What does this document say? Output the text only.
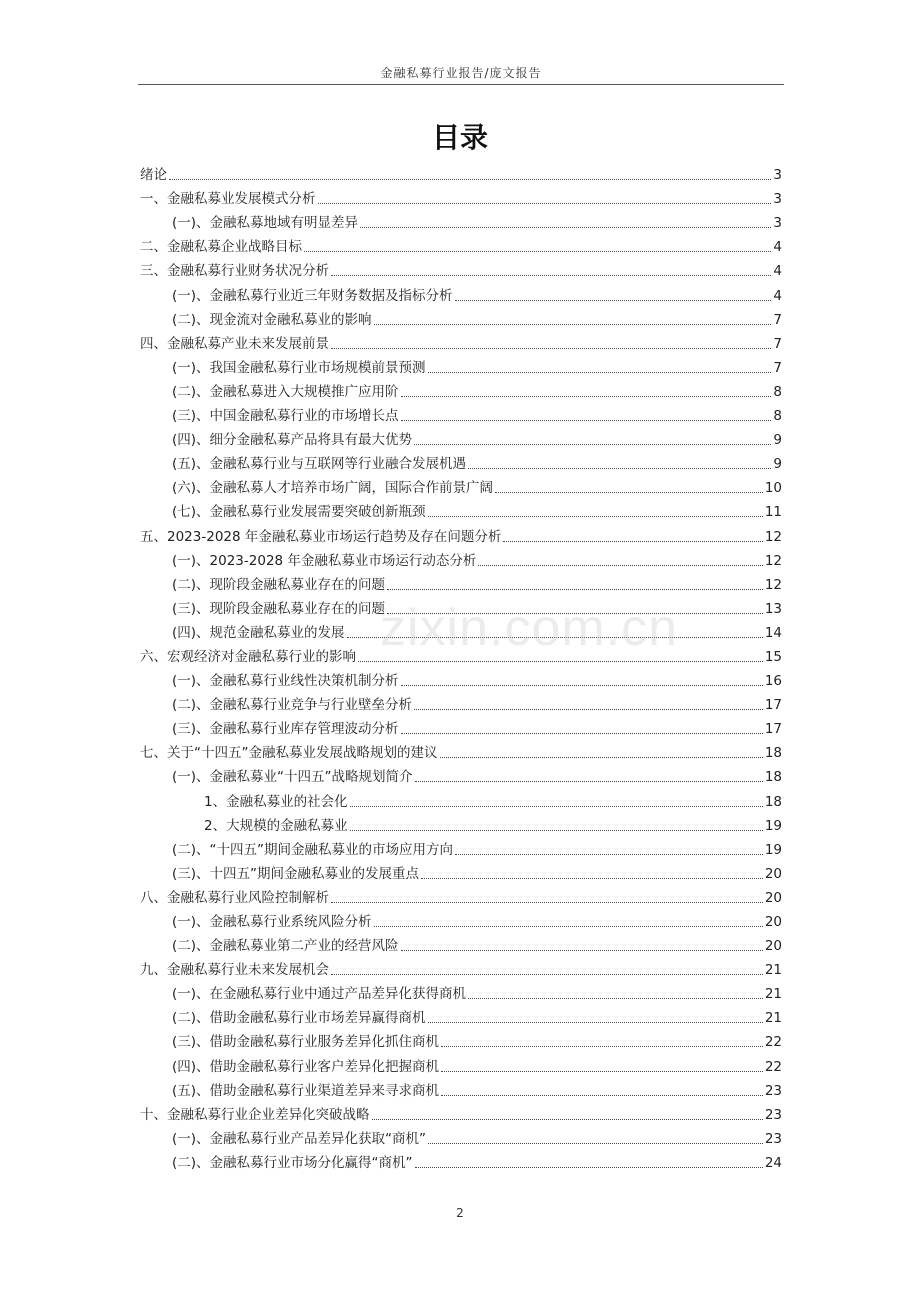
金融私募行业报告/庞文报告
目录
绪论	3
一、金融私募业发展模式分析	3
(一)、金融私募地域有明显差异	3
二、金融私募企业战略目标	4
三、金融私募行业财务状况分析	4
(一)、金融私募行业近三年财务数据及指标分析	4
(二)、现金流对金融私募业的影响	7
四、金融私募产业未来发展前景	7
(一)、我国金融私募行业市场规模前景预测	7
(二)、金融私募进入大规模推广应用阶	8
(三)、中国金融私募行业的市场增长点	8
(四)、细分金融私募产品将具有最大优势	9
(五)、金融私募行业与互联网等行业融合发展机遇	9
(六)、金融私募人才培养市场广阔，国际合作前景广阔	10
(七)、金融私募行业发展需要突破创新瓶颈	11
五、2023-2028 年金融私募业市场运行趋势及存在问题分析	12
(一)、2023-2028 年金融私募业市场运行动态分析	12
(二)、现阶段金融私募业存在的问题	12
(三)、现阶段金融私募业存在的问题	13
(四)、规范金融私募业的发展	14
六、宏观经济对金融私募行业的影响	15
(一)、金融私募行业线性决策机制分析	16
(二)、金融私募行业竞争与行业壁垒分析	17
(三)、金融私募行业库存管理波动分析	17
七、关于“十四五”金融私募业发展战略规划的建议	18
(一)、金融私募业“十四五”战略规划简介	18
1、金融私募业的社会化	18
2、大规模的金融私募业	19
(二)、“十四五”期间金融私募业的市场应用方向	19
(三)、十四五”期间金融私募业的发展重点	20
八、金融私募行业风险控制解析	20
(一)、金融私募行业系统风险分析	20
(二)、金融私募业第二产业的经营风险	20
九、金融私募行业未来发展机会	21
(一)、在金融私募行业中通过产品差异化获得商机	21
(二)、借助金融私募行业市场差异赢得商机	21
(三)、借助金融私募行业服务差异化抓住商机	22
(四)、借助金融私募行业客户差异化把握商机	22
(五)、借助金融私募行业渠道差异来寻求商机	23
十、金融私募行业企业差异化突破战略	23
(一)、金融私募行业产品差异化获取“商机”	23
(二)、金融私募行业市场分化赢得“商机”	24
zixin.com.cn
2
